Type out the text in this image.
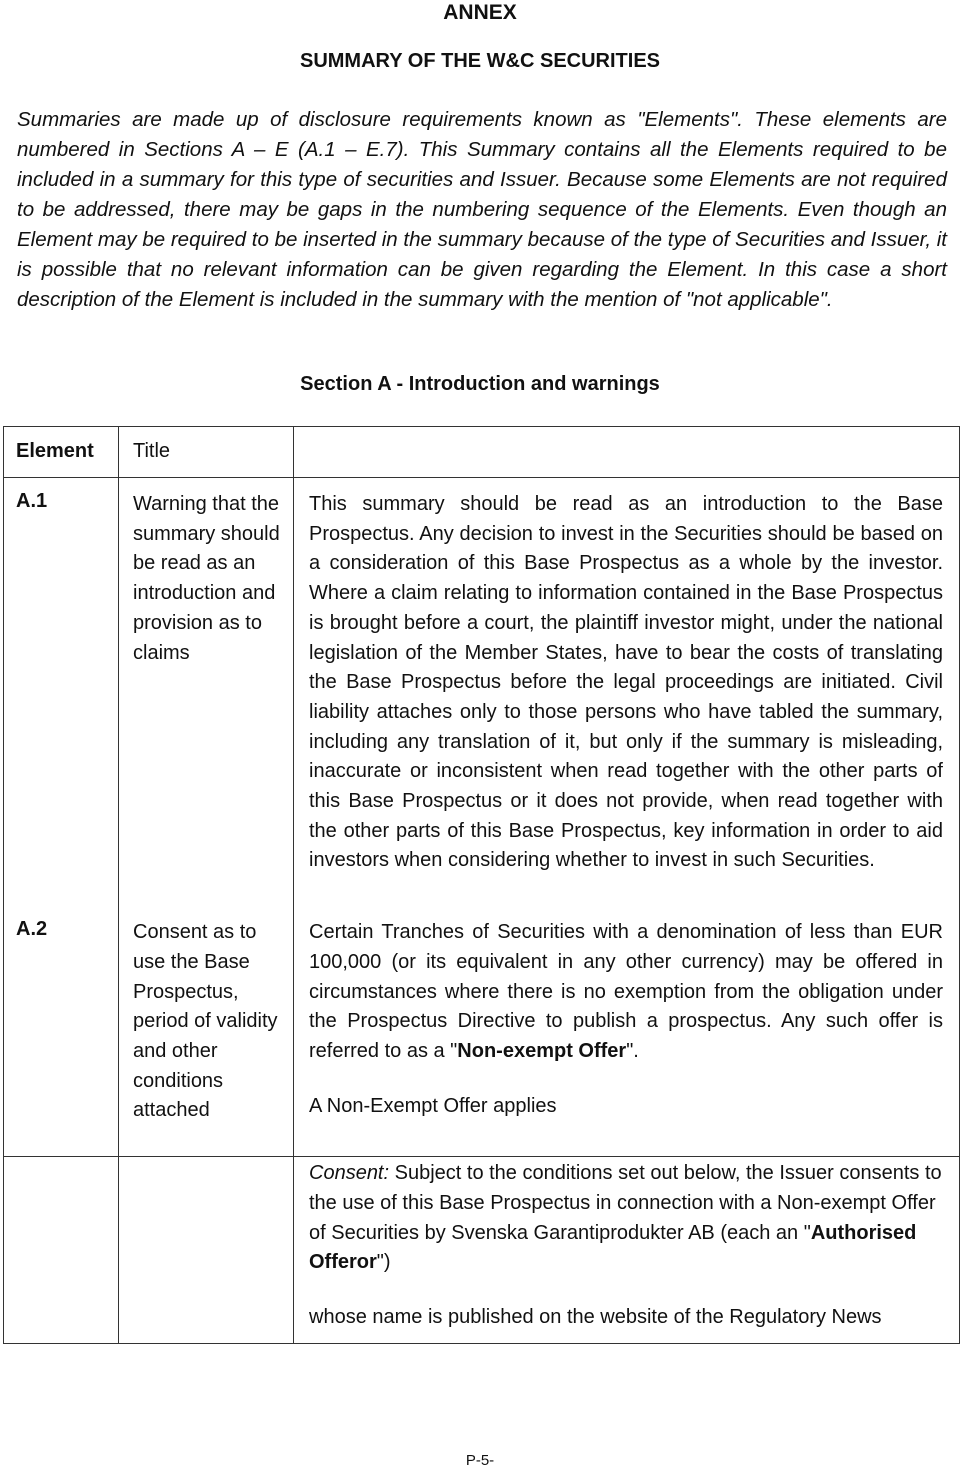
ANNEX
SUMMARY OF THE W&C SECURITIES

Summaries are made up of disclosure requirements known as "Elements". These elements are numbered in Sections A – E (A.1 – E.7). This Summary contains all the Elements required to be included in a summary for this type of securities and Issuer. Because some Elements are not required to be addressed, there may be gaps in the numbering sequence of the Elements. Even though an Element may be required to be inserted in the summary because of the type of Securities and Issuer, it is possible that no relevant information can be given regarding the Element. In this case a short description of the Element is included in the summary with the mention of "not applicable".

Section A - Introduction and warnings
Element	Title	
A.1	Warning that the summary should be read as an introduction and provision as to claims	This summary should be read as an introduction to the Base Prospectus. Any decision to invest in the Securities should be based on a consideration of this Base Prospectus as a whole by the investor. Where a claim relating to information contained in the Base Prospectus is brought before a court, the plaintiff investor might, under the national legislation of the Member States, have to bear the costs of translating the Base Prospectus before the legal proceedings are initiated. Civil liability attaches only to those persons who have tabled the summary, including any translation of it, but only if the summary is misleading, inaccurate or inconsistent when read together with the other parts of this Base Prospectus or it does not provide, when read together with the other parts of this Base Prospectus, key information in order to aid investors when considering whether to invest in such Securities.
A.2	Consent as to use the Base Prospectus, period of validity and other conditions attached	Certain Tranches of Securities with a denomination of less than EUR 100,000 (or its equivalent in any other currency) may be offered in circumstances where there is no exemption from the obligation under the Prospectus Directive to publish a prospectus. Any such offer is referred to as a "Non-exempt Offer".

A Non-Exempt Offer applies

		Consent: Subject to the conditions set out below, the Issuer consents to the use of this Base Prospectus in connection with a Non-exempt Offer of Securities by Svenska Garantiprodukter AB (each an "Authorised Offeror")

whose name is published on the website of the Regulatory News

P-5-
